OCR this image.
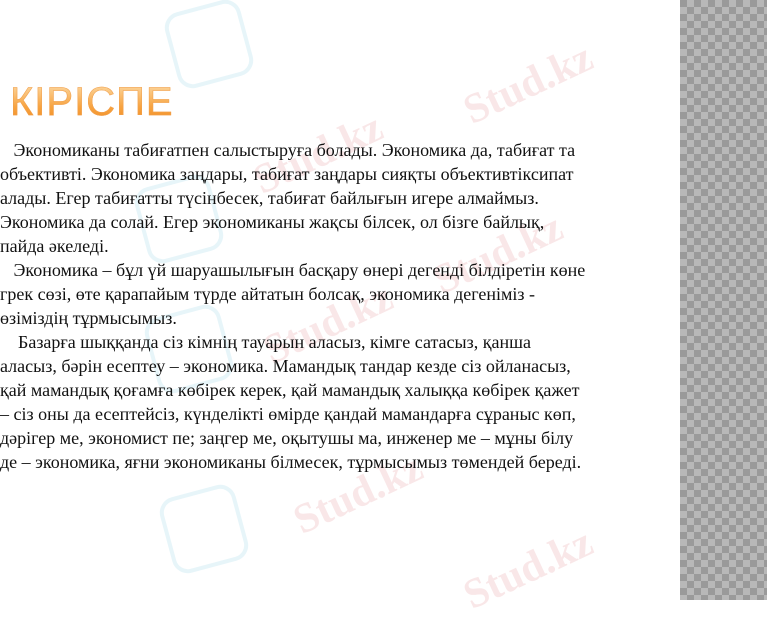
Stud.kz
Stud.kz
Stud.kz
Stud.kz
Stud.kz
Stud.kz
КІРІСПЕ
Экономиканы табиғатпен салыстыруға болады. Экономика да, табиғат та
объективті. Экономика заңдары, табиғат заңдары сияқты объективтіксипат
алады. Егер табиғатты түсінбесек, табиғат байлығын игере алмаймыз.
Экономика да солай. Егер экономиканы жақсы білсек, ол бізге байлық,
пайда әкеледі.
Экономика – бұл үй шаруашылығын басқару өнері дегенді білдіретін көне
грек сөзі, өте қарапайым түрде айтатын болсақ, экономика дегеніміз -
өзіміздің тұрмысымыз.
Базарға шыққанда сіз кімнің тауарын аласыз, кімге сатасыз, қанша
аласыз, бәрін есептеу – экономика. Мамандық тандар кезде сіз ойланасыз,
қай мамандық қоғамға көбірек керек, қай мамандық халыққа көбірек қажет
– сіз оны да есептейсіз, күнделікті өмірде қандай мамандарға сұраныс көп,
дәрігер ме, экономист пе; заңгер ме, оқытушы ма, инженер ме – мұны білу
де – экономика, яғни экономиканы білмесек, тұрмысымыз төмендей береді.
